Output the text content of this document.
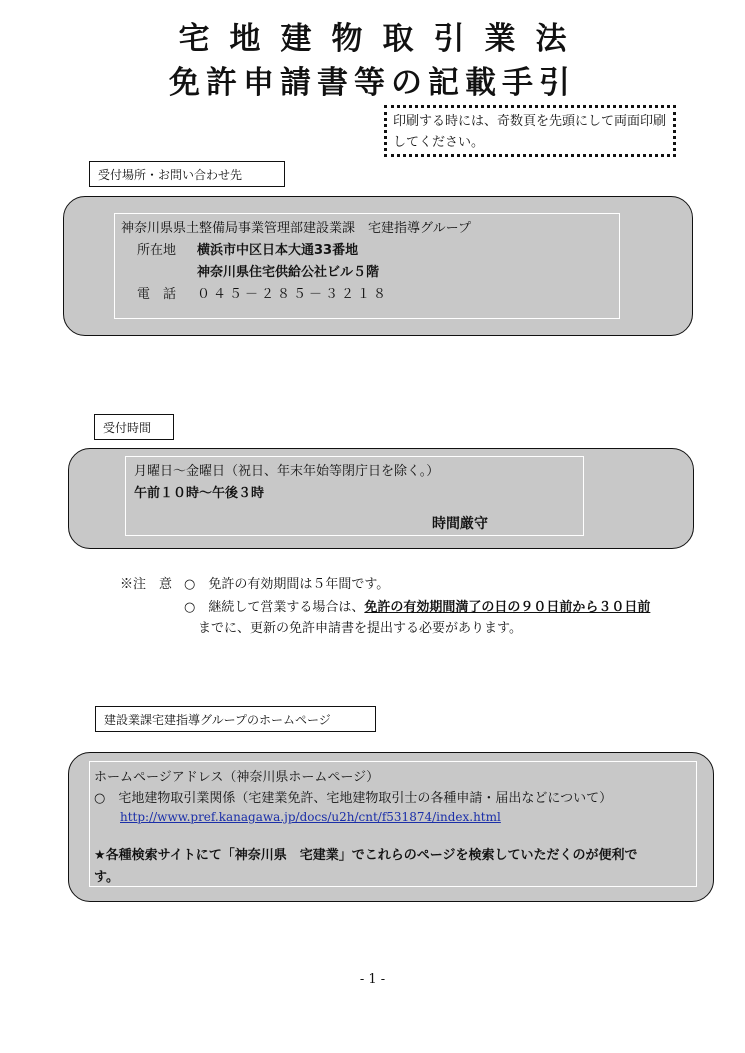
宅地建物取引業法
免許申請書等の記載手引
印刷する時には、奇数頁を先頭にして両面印刷してください。
受付場所・お問い合わせ先
神奈川県県土整備局事業管理部建設業課　宅建指導グループ
所在地 横浜市中区日本大通33番地
神奈川県住宅供給公社ビル５階
電　話 ０４５－２８５－３２１８
受付時間
月曜日～金曜日（祝日、年末年始等閉庁日を除く。）
午前１０時～午後３時
時間厳守
※注　意 ○　免許の有効期間は５年間です。
○　継続して営業する場合は、免許の有効期間満了の日の９０日前から３０日前
までに、更新の免許申請書を提出する必要があります。
建設業課宅建指導グループのホームページ
ホームページアドレス（神奈川県ホームページ）
○　宅地建物取引業関係（宅建業免許、宅地建物取引士の各種申請・届出などについて）
http://www.pref.kanagawa.jp/docs/u2h/cnt/f531874/index.html
★各種検索サイトにて「神奈川県　宅建業」でこれらのページを検索していただくのが便利で
す。
- 1 -
